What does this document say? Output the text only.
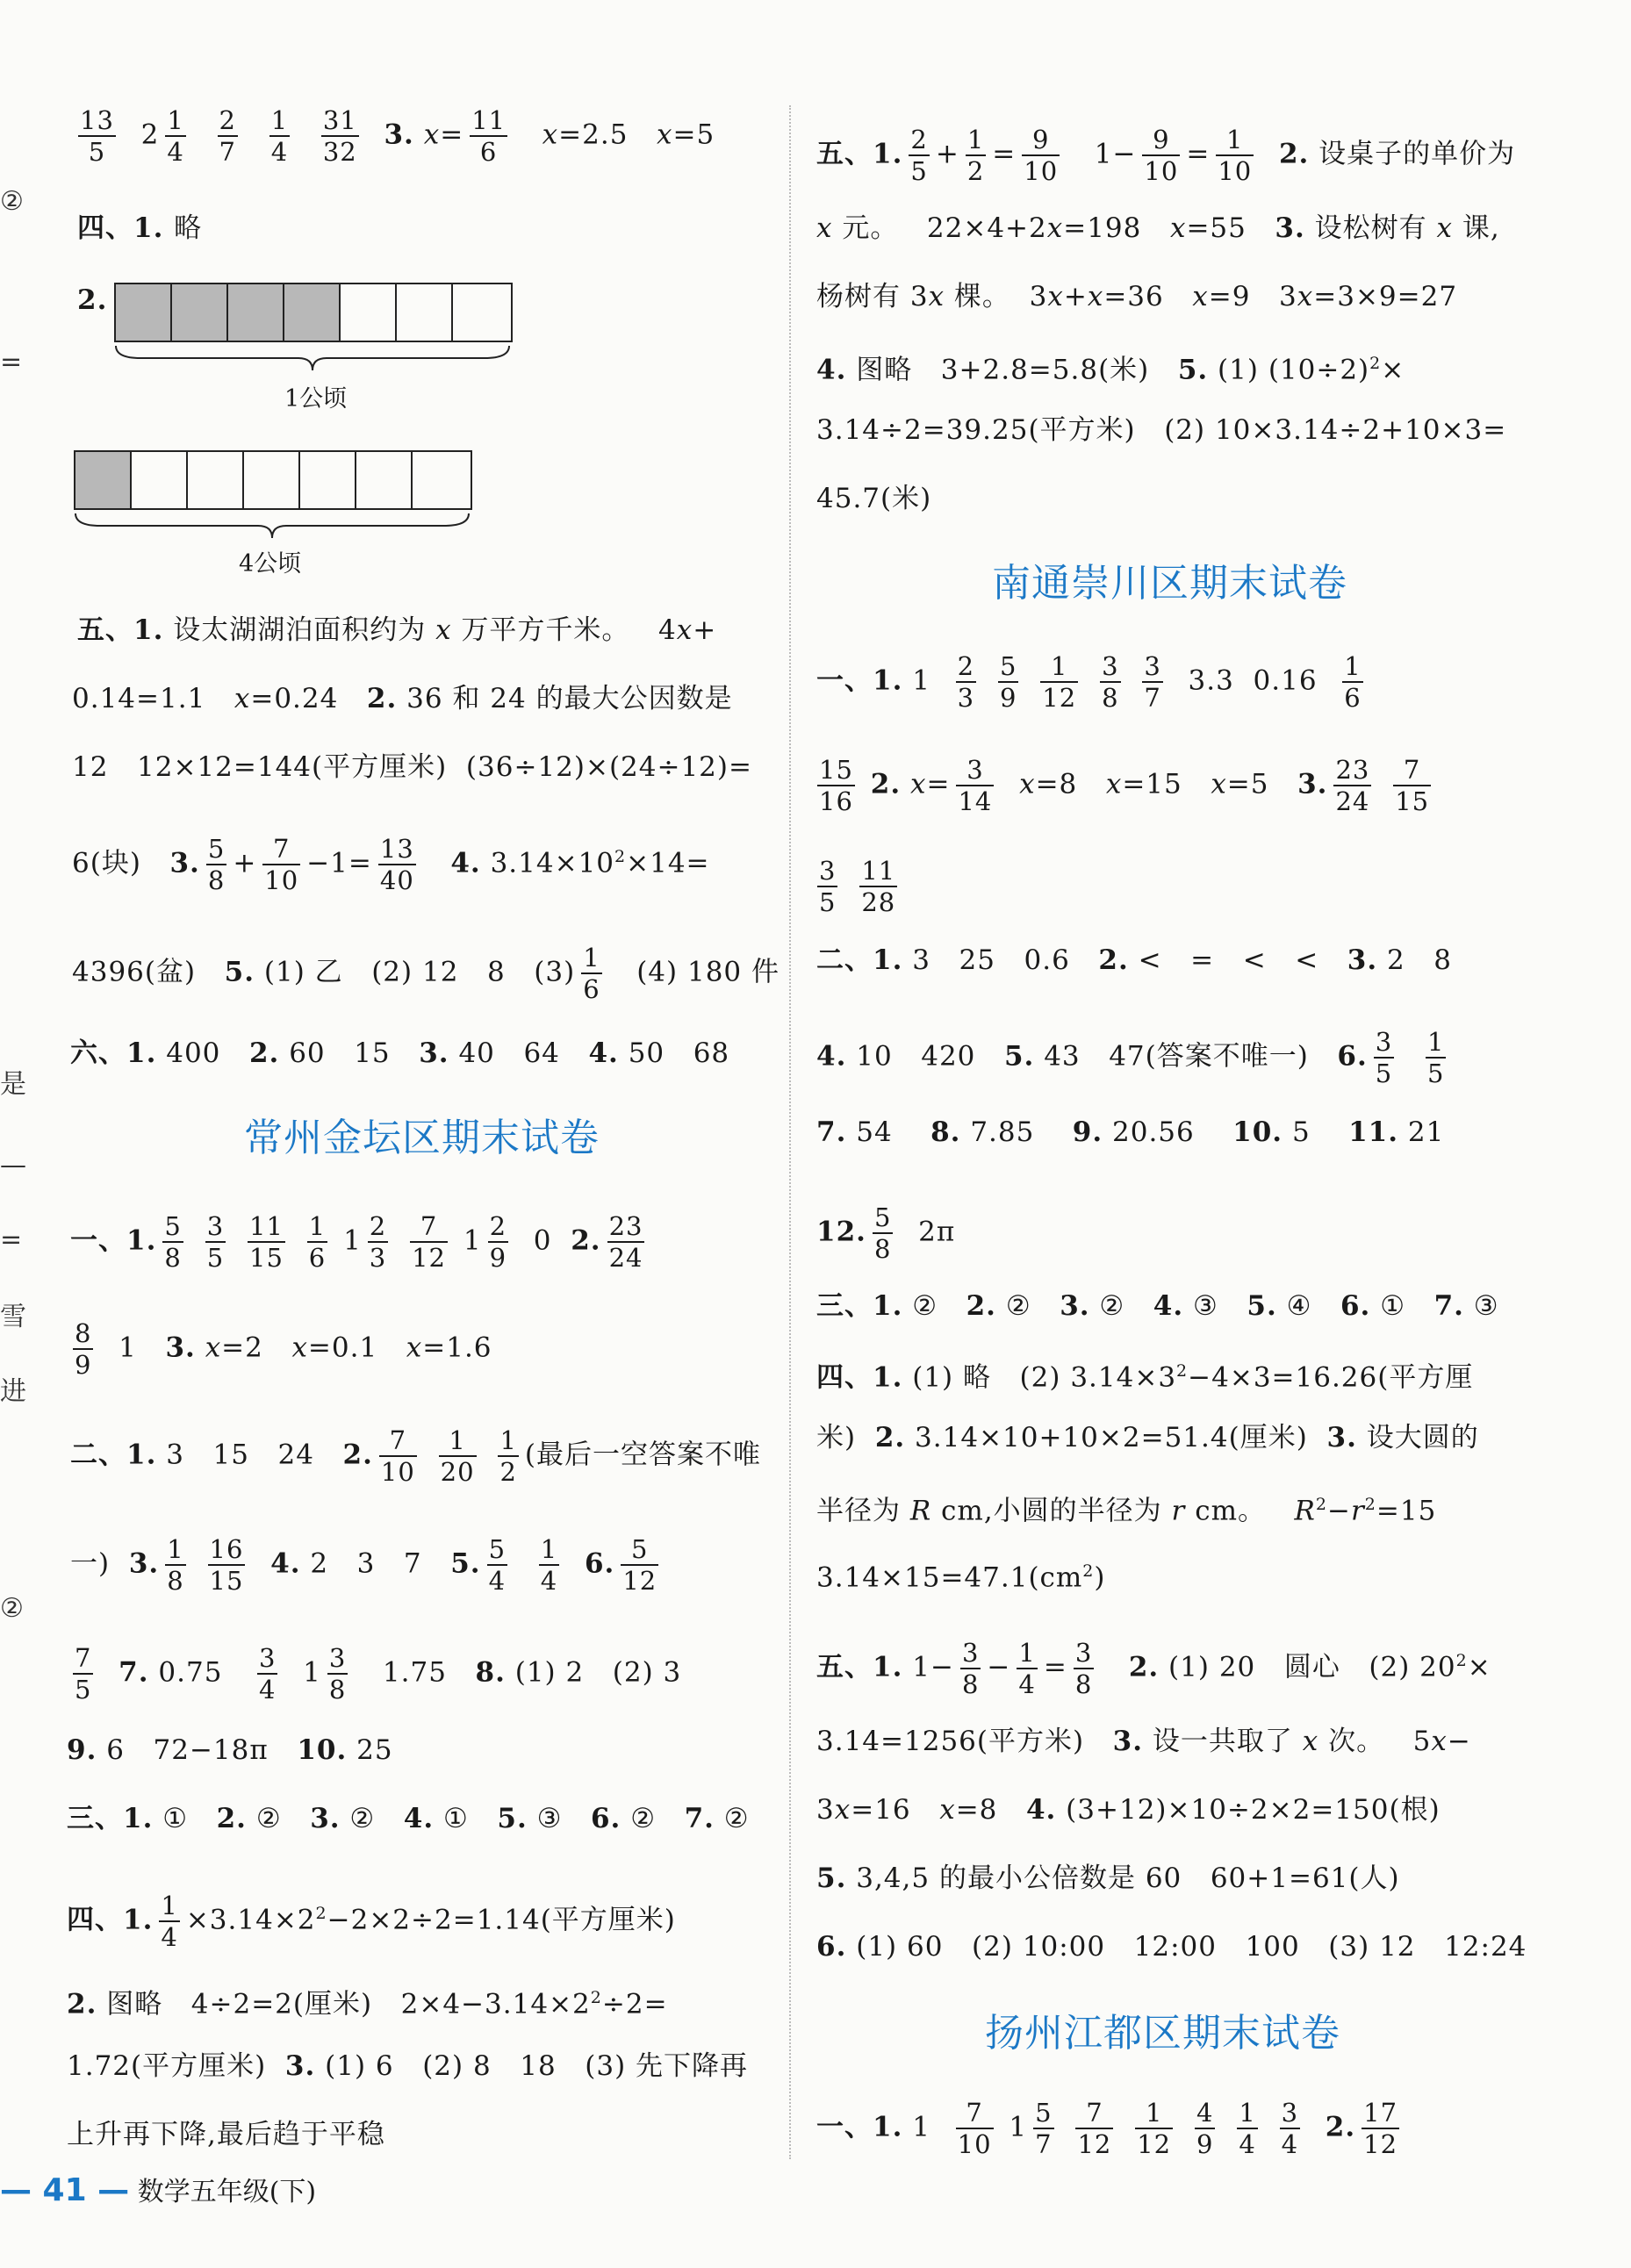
②
=
是
—
=
雪
进
②
$\frac{13}{5} 2 \frac{1}{4}$
$\frac{2}{7}$
$\frac{1}{4}$
$\frac{31}{32} 3$. $x= \frac{11}{6} x=2.5$   x=5
四、1. 略
2.
1公顷
4公顷
五、1. 设太湖湖泊面积约为 x 万平方千米。   4x+
0.14=1.1   x=0.24   2. 36 和 24 的最大公因数是
12   12×12=144(平方厘米)  (36÷12)×(24÷12)=
6(块)   3. $\frac{5}{8} + \frac{7}{10} -1= \frac{13}{40} 4$. $3.14\times 10^2\times 14=$
4396(盆)   5. (1) 乙   (2) 12   8   $(3) \frac{1}{6} (4)$ 180 件
六、1. 400   2. 60   15   3. 40   64   4. 50   68
常州金坛区期末试卷
一、1. $\frac{5}{8}$
$\frac{3}{5}$
$\frac{11}{15}$
$\frac{1}{6} 1 \frac{2}{3}$
$\frac{7}{12} 1 \frac{2}{9} 0$  2. $\frac{23}{24}$
$\frac{8}{9} 1$   3. x=2   x=0.1   x=1.6
二、1. 3   15   24   2. $\frac{7}{10}$
$\frac{1}{20}$
$\frac{1}{2}$ (最后一空答案不唯
一)  3. $\frac{1}{8}$
$\frac{16}{15} 4$. 2   3   7   5. $\frac{5}{4}$
$\frac{1}{4} 6$. $\frac{5}{12}$
$\frac{7}{5} 7$. $0.75 \frac{3}{4} 1 \frac{3}{8} 1.75$   8. (1) 2   (2) 3
9. 6   72−18π   10. 25
三、1. ①   2. ②   3. ②   4. ①   5. ③   6. ②   7. ②
四、1. $\frac{1}{4} \times 3.14\times 2^2-2\times 2\div 2=1.14$(平方厘米)
2. 图略   4÷2=2(厘米)   $2\times 4-3.14\times 2^2\div 2=$
1.72(平方厘米)  3. (1) 6   (2) 8   18   (3) 先下降再
上升再下降,最后趋于平稳
— 41 — 数学五年级(下)
五、1. $\frac{2}{5} + \frac{1}{2} = \frac{9}{10} 1- \frac{9}{10} = \frac{1}{10} 2$. 设桌子的单价为
x 元。   22×4+2x=198   x=55   3. 设松树有 x 课,
杨树有 3x 棵。  3x+x=36   x=9   3x=3×9=27
4. 图略   3+2.8=5.8(米)   5. (1) $(10\div 2)^2\times$
3.14÷2=39.25(平方米)   (2) 10×3.14÷2+10×3=
45.7(米)
南通崇川区期末试卷
一、1. $1 \frac{2}{3}$
$\frac{5}{9}$
$\frac{1}{12}$
$\frac{3}{8}$
$\frac{3}{7} 3.3$  $0.16 \frac{1}{6}$
$\frac{15}{16} 2$. $x= \frac{3}{14} x=8$   x=15   x=5   3. $\frac{23}{24}$
$\frac{7}{15}$
$\frac{3}{5}$
$\frac{11}{28}$
二、1. 3   25   0.6   2. <   =   <   <   3. 2   8
4. 10   420   5. 43   47(答案不唯一)   6. $\frac{3}{5}$
$\frac{1}{5}$
7. 54    8. 7.85    9. 20.56    10. 5    11. 21
12. $\frac{5}{8} 2\pi$
三、1. ②   2. ②   3. ②   4. ③   5. ④   6. ①   7. ③
四、1. (1) 略   (2) $3.14\times 3^2-4\times 3=16.26$(平方厘
米)  2. 3.14×10+10×2=51.4(厘米)  3. 设大圆的
半径为 R cm,小圆的半径为 r cm。   $R^2-r^2=15$
$3.14\times 15=47.1(cm^2)$
五、1. $1- \frac{3}{8} - \frac{1}{4} = \frac{3}{8} 2$. (1) 20   圆心   (2) $20^2\times$
3.14=1256(平方米)   3. 设一共取了 x 次。   5x−
3x=16   x=8   4. (3+12)×10÷2×2=150(根)
5. 3,4,5 的最小公倍数是 60   60+1=61(人)
6. (1) 60   (2) 10:00   12:00   100   (3) 12   12:24
扬州江都区期末试卷
一、1. $1 \frac{7}{10} 1 \frac{5}{7}$
$\frac{7}{12}$
$\frac{1}{12}$
$\frac{4}{9}$
$\frac{1}{4}$
$\frac{3}{4} 2$. $\frac{17}{12}$
